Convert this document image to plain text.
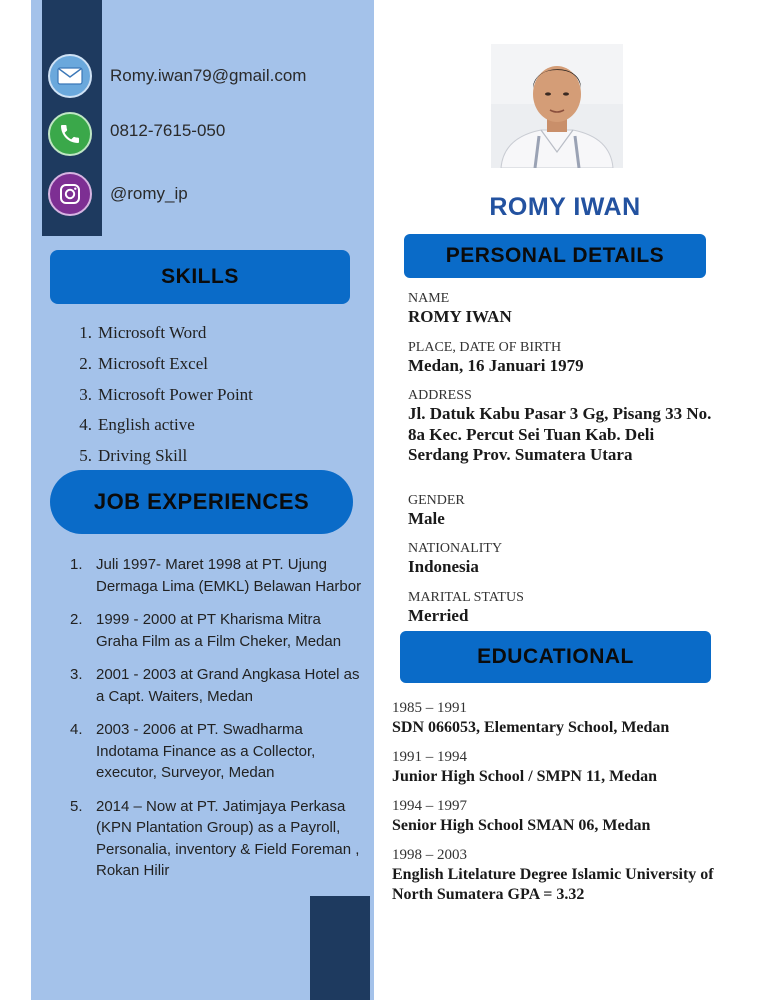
Romy.iwan79@gmail.com
0812-7615-050
@romy_ip
SKILLS
1. Microsoft Word
2. Microsoft Excel
3. Microsoft Power Point
4. English active
5. Driving Skill
JOB EXPERIENCES
1. Juli 1997- Maret 1998 at PT. Ujung Dermaga Lima (EMKL) Belawan Harbor
2. 1999 - 2000 at PT Kharisma Mitra Graha Film as a Film Cheker, Medan
3. 2001 - 2003 at Grand Angkasa Hotel as a Capt. Waiters, Medan
4. 2003 - 2006 at PT. Swadharma Indotama Finance as a Collector, executor, Surveyor, Medan
5. 2014 – Now at PT. Jatimjaya Perkasa (KPN Plantation Group) as a Payroll, Personalia, inventory & Field Foreman , Rokan Hilir
ROMY IWAN
PERSONAL DETAILS
NAME
ROMY IWAN
PLACE, DATE OF BIRTH
Medan, 16 Januari 1979
ADDRESS
Jl. Datuk Kabu Pasar 3 Gg, Pisang 33 No. 8a Kec. Percut Sei Tuan Kab. Deli Serdang Prov. Sumatera Utara
GENDER
Male
NATIONALITY
Indonesia
MARITAL STATUS
Merried
EDUCATIONAL
1985 – 1991
SDN 066053, Elementary School, Medan
1991 – 1994
Junior High School / SMPN 11, Medan
1994 – 1997
Senior High School SMAN 06, Medan
1998 – 2003
English Litelature Degree Islamic University of North Sumatera GPA = 3.32
